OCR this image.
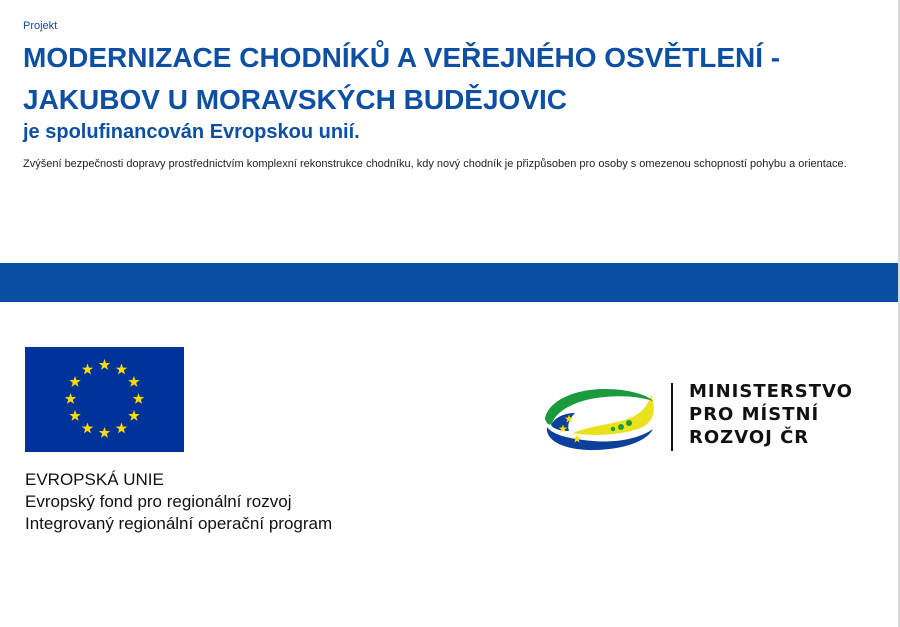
Projekt
MODERNIZACE CHODNÍKŮ A VEŘEJNÉHO OSVĚTLENÍ - JAKUBOV U MORAVSKÝCH BUDĚJOVIC
je spolufinancován Evropskou unií.
Zvýšení bezpečnosti dopravy prostřednictvím komplexní rekonstrukce chodníku, kdy nový chodník je přizpůsoben pro osoby s omezenou schopností pohybu a orientace.
EVROPSKÁ UNIE
Evropský fond pro regionální rozvoj
Integrovaný regionální operační program
MINISTERSTVO
PRO MÍSTNÍ
ROZVOJ ČR
